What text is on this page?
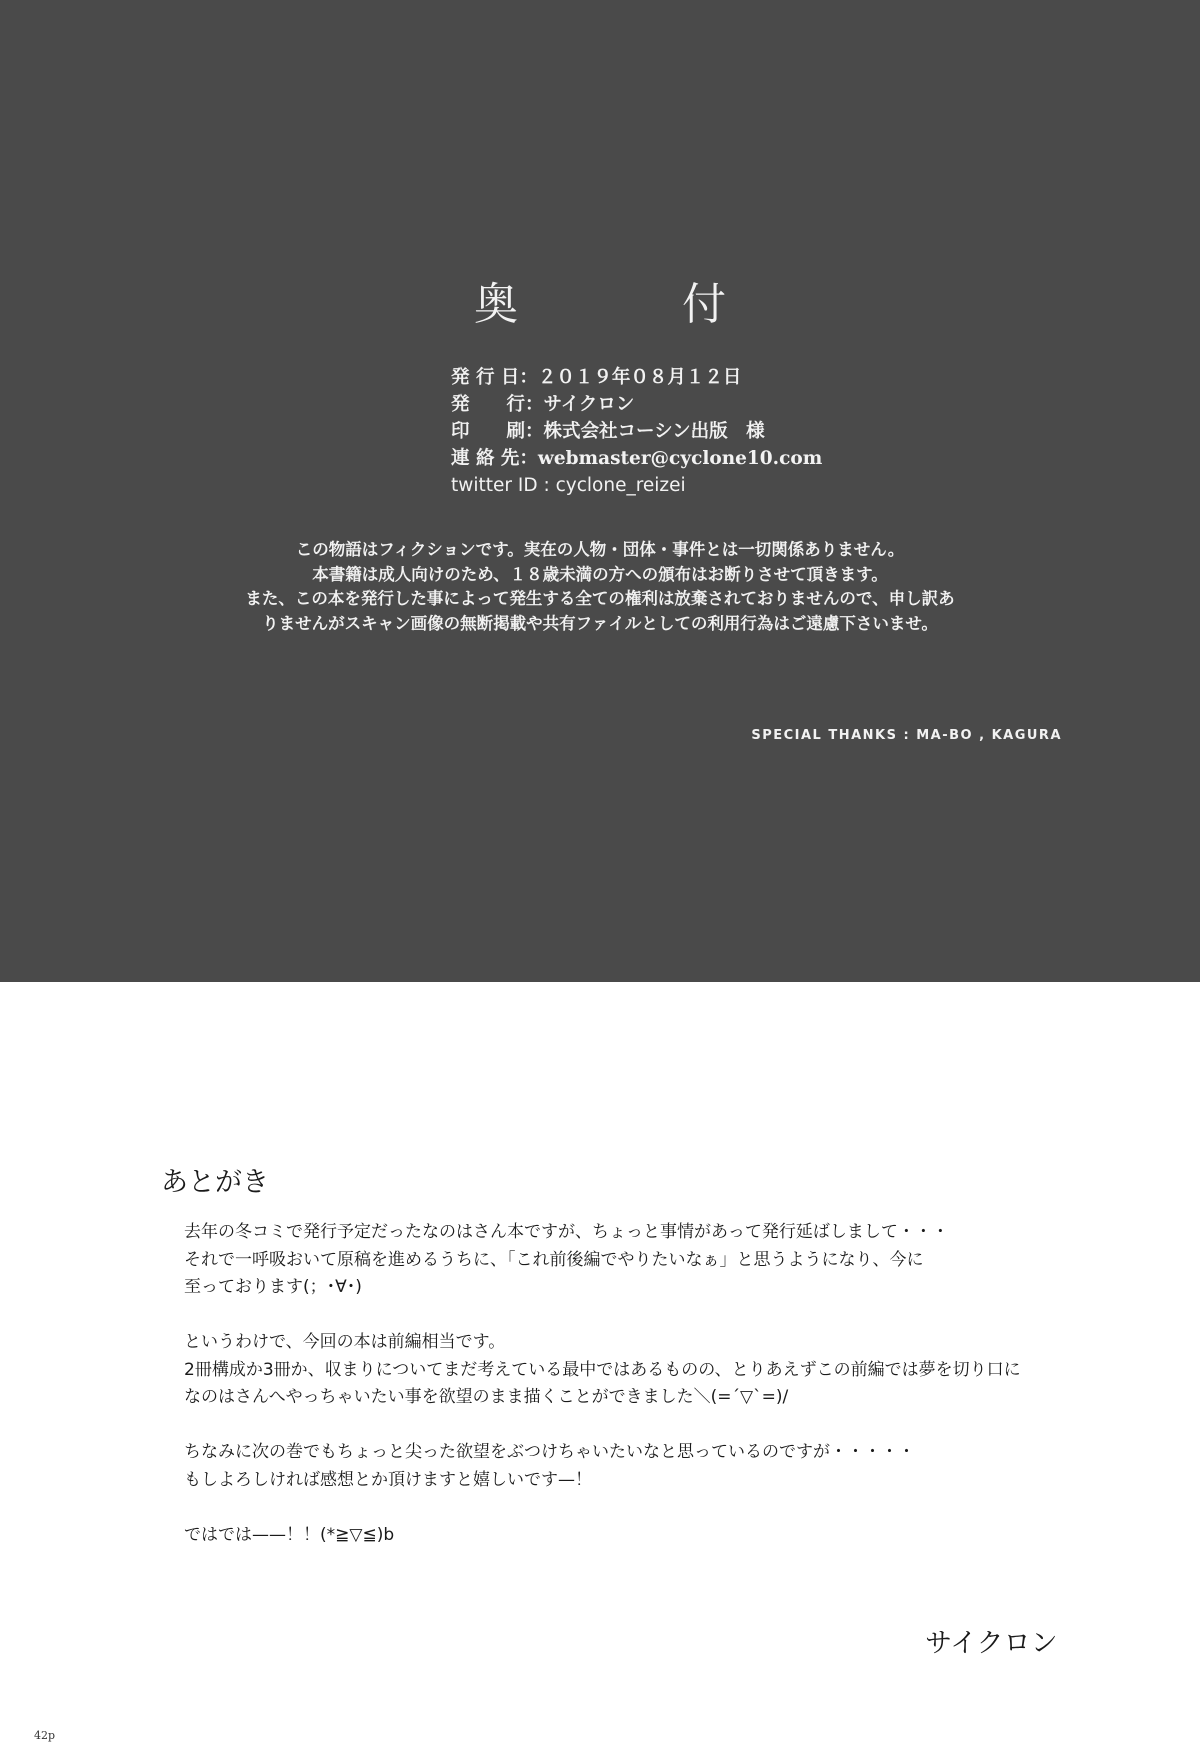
奥　付
発 行 日：２０１９年０８月１２日
発　　行：サイクロン
印　　刷：株式会社コーシン出版　様
連 絡 先：webmaster@cyclone10.com
twitter ID : cyclone_reizei
この物語はフィクションです。実在の人物・団体・事件とは一切関係ありません。
本書籍は成人向けのため、１８歳未満の方への頒布はお断りさせて頂きます。
また、この本を発行した事によって発生する全ての権利は放棄されておりませんので、申し訳あ
りませんがスキャン画像の無断掲載や共有ファイルとしての利用行為はご遠慮下さいませ。
SPECIAL THANKS : MA-BO , KAGURA
あとがき
去年の冬コミで発行予定だったなのはさん本ですが、ちょっと事情があって発行延ばしまして・・・
それで一呼吸おいて原稿を進めるうちに、「これ前後編でやりたいなぁ」と思うようになり、今に
至っております(；･∀･)
というわけで、今回の本は前編相当です。
2冊構成か3冊か、収まりについてまだ考えている最中ではあるものの、とりあえずこの前編では夢を切り口に
なのはさんへやっちゃいたい事を欲望のまま描くことができました＼(=´▽`=)/
ちなみに次の巻でもちょっと尖った欲望をぶつけちゃいたいなと思っているのですが・・・・・
もしよろしければ感想とか頂けますと嬉しいです—！
ではでは——！！(*≧▽≦)b
サイクロン
42p
